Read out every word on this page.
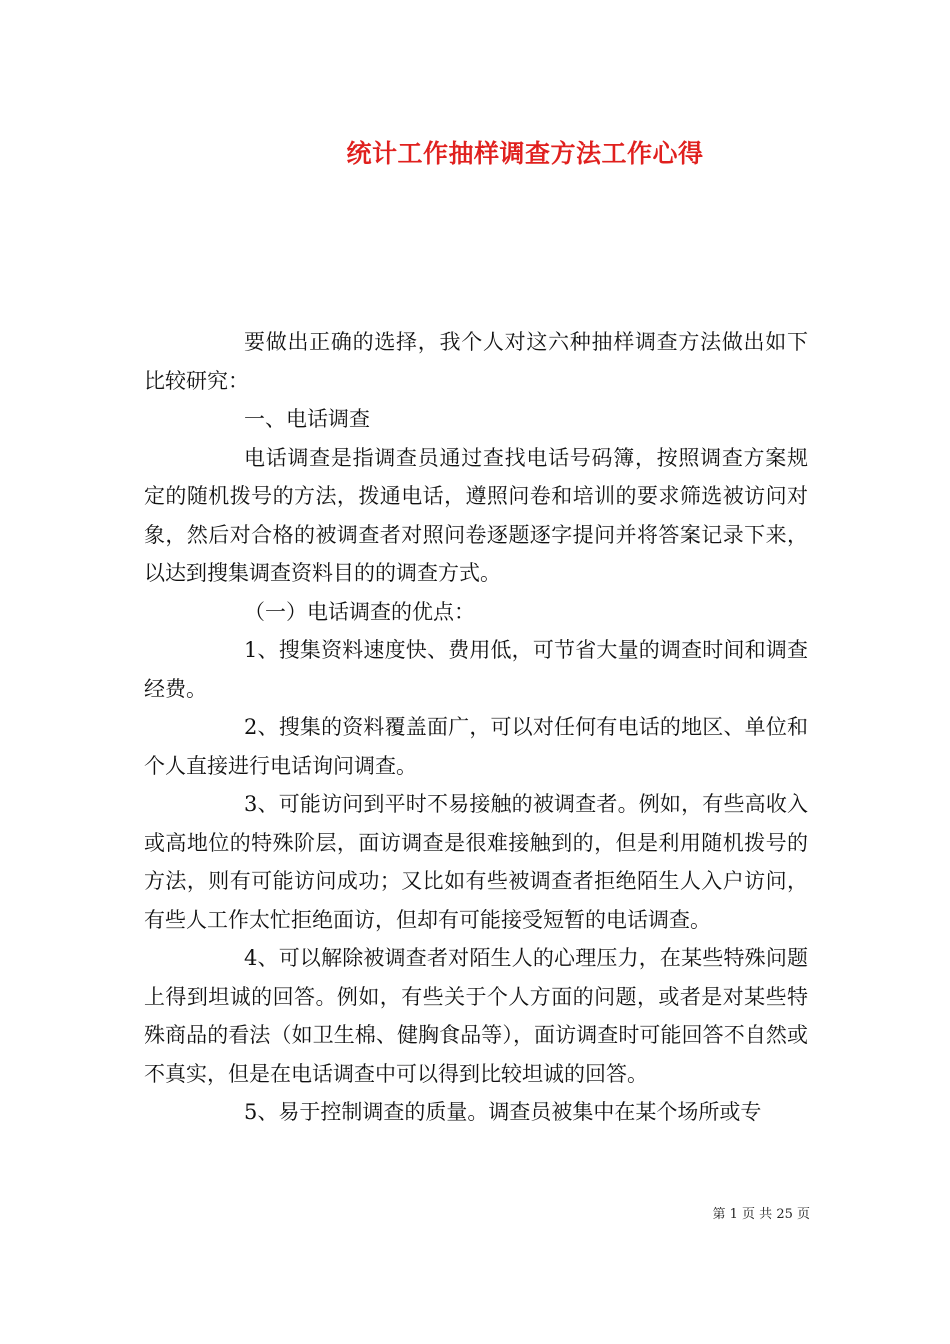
统计工作抽样调查方法工作心得

要做出正确的选择，我个人对这六种抽样调查方法做出如下比较研究：

一、电话调查

电话调查是指调查员通过查找电话号码簿，按照调查方案规定的随机拨号的方法，拨通电话，遵照问卷和培训的要求筛选被访问对象，然后对合格的被调查者对照问卷逐题逐字提问并将答案记录下来，以达到搜集调查资料目的的调查方式。

（一）电话调查的优点：

1、搜集资料速度快、费用低，可节省大量的调查时间和调查经费。

2、搜集的资料覆盖面广，可以对任何有电话的地区、单位和个人直接进行电话询问调查。

3、可能访问到平时不易接触的被调查者。例如，有些高收入或高地位的特殊阶层，面访调查是很难接触到的，但是利用随机拨号的方法，则有可能访问成功；又比如有些被调查者拒绝陌生人入户访问，有些人工作太忙拒绝面访，但却有可能接受短暂的电话调查。

4、可以解除被调查者对陌生人的心理压力，在某些特殊问题上得到坦诚的回答。例如，有些关于个人方面的问题，或者是对某些特殊商品的看法（如卫生棉、健胸食品等），面访调查时可能回答不自然或不真实，但是在电话调查中可以得到比较坦诚的回答。

5、易于控制调查的质量。调查员被集中在某个场所或专

第 1 页 共 25 页
